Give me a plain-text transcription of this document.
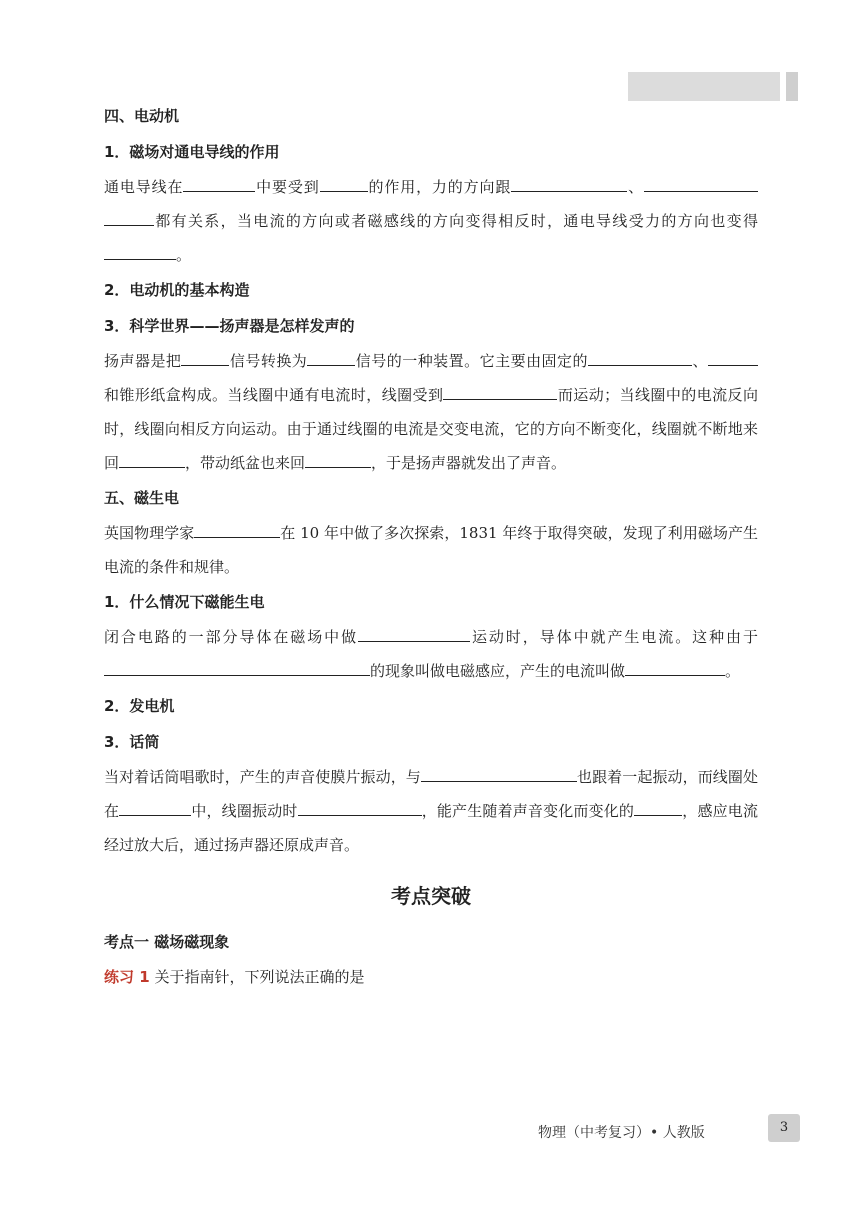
四、电动机

1．磁场对通电导线的作用

通电导线在	中要受到	的作用，力的方向跟	、都有关系，当电流的方向或者磁感线的方向变得相反时，通电导线受力的方向也变得。

2．电动机的基本构造

3．科学世界——扬声器是怎样发声的

扬声器是把	信号转换为	信号的一种装置。它主要由固定的	、和锥形纸盒构成。当线圈中通有电流时，线圈受到	而运动；当线圈中的电流反向时，线圈向相反方向运动。由于通过线圈的电流是交变电流，它的方向不断变化，线圈就不断地来回	，带动纸盆也来回	，于是扬声器就发出了声音。

五、磁生电

英国物理学家	在 10 年中做了多次探索，1831 年终于取得突破，发现了利用磁场产生电流的条件和规律。

1．什么情况下磁能生电

闭合电路的一部分导体在磁场中做	运动时，导体中就产生电流。这种由于的现象叫做电磁感应，产生的电流叫做	。

2．发电机

3．话筒

当对着话筒唱歌时，产生的声音使膜片振动，与	也跟着一起振动，而线圈处在	中，线圈振动时	，能产生随着声音变化而变化的	，感应电流经过放大后，通过扬声器还原成声音。

考点突破

考点一 磁场磁现象

练习 1 关于指南针，下列说法正确的是

物理（中考复习）• 人教版	3
